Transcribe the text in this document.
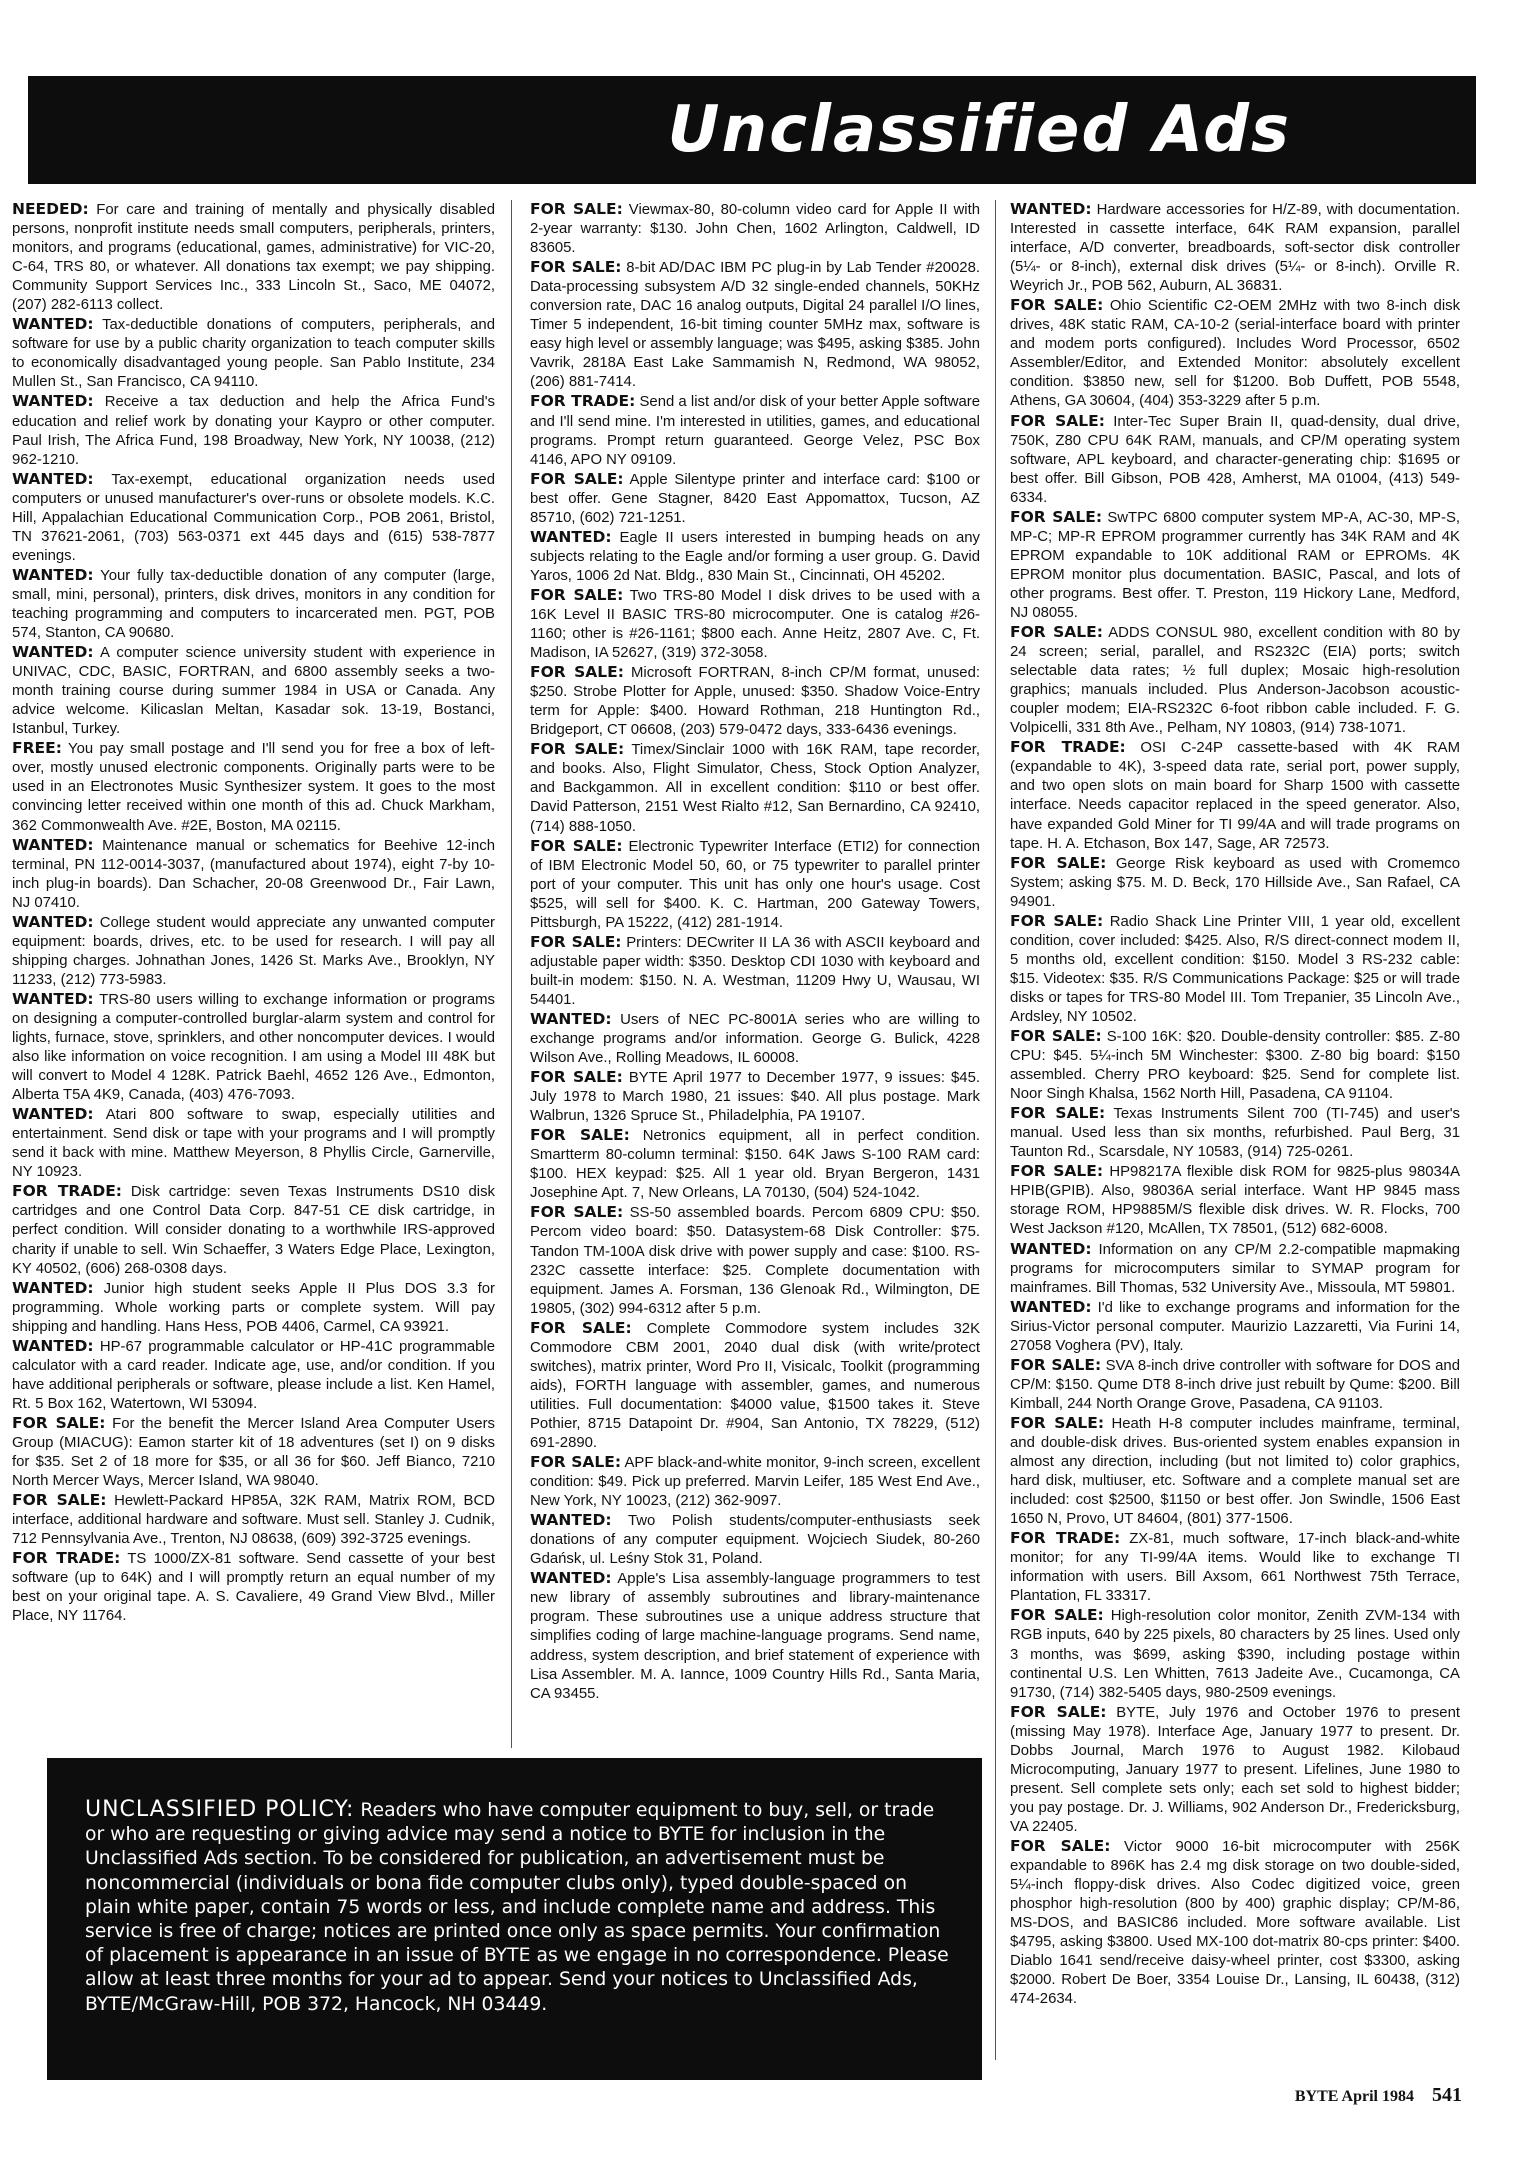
Unclassified Ads

NEEDED: For care and training of mentally and physically disabled persons, nonprofit institute needs small computers, peripherals, printers, monitors, and programs (educational, games, administrative) for VIC-20, C-64, TRS 80, or whatever. All donations tax exempt; we pay shipping. Community Support Services Inc., 333 Lincoln St., Saco, ME 04072, (207) 282-6113 collect.

WANTED: Tax-deductible donations of computers, peripherals, and software for use by a public charity organization to teach computer skills to economically disadvantaged young people. San Pablo Institute, 234 Mullen St., San Francisco, CA 94110.

WANTED: Receive a tax deduction and help the Africa Fund's education and relief work by donating your Kaypro or other computer. Paul Irish, The Africa Fund, 198 Broadway, New York, NY 10038, (212) 962-1210.

WANTED: Tax-exempt, educational organization needs used computers or unused manufacturer's over-runs or obsolete models. K.C. Hill, Appalachian Educational Communication Corp., POB 2061, Bristol, TN 37621-2061, (703) 563-0371 ext 445 days and (615) 538-7877 evenings.

WANTED: Your fully tax-deductible donation of any computer (large, small, mini, personal), printers, disk drives, monitors in any condition for teaching programming and computers to incarcerated men. PGT, POB 574, Stanton, CA 90680.

WANTED: A computer science university student with experience in UNIVAC, CDC, BASIC, FORTRAN, and 6800 assembly seeks a two-month training course during summer 1984 in USA or Canada. Any advice welcome. Kilicaslan Meltan, Kasadar sok. 13-19, Bostanci, Istanbul, Turkey.

FREE: You pay small postage and I'll send you for free a box of left-over, mostly unused electronic components. Originally parts were to be used in an Electronotes Music Synthesizer system. It goes to the most convincing letter received within one month of this ad. Chuck Markham, 362 Commonwealth Ave. #2E, Boston, MA 02115.

WANTED: Maintenance manual or schematics for Beehive 12-inch terminal, PN 112-0014-3037, (manufactured about 1974), eight 7-by 10-inch plug-in boards). Dan Schacher, 20-08 Greenwood Dr., Fair Lawn, NJ 07410.

WANTED: College student would appreciate any unwanted computer equipment: boards, drives, etc. to be used for research. I will pay all shipping charges. Johnathan Jones, 1426 St. Marks Ave., Brooklyn, NY 11233, (212) 773-5983.

WANTED: TRS-80 users willing to exchange information or programs on designing a computer-controlled burglar-alarm system and control for lights, furnace, stove, sprinklers, and other noncomputer devices. I would also like information on voice recognition. I am using a Model III 48K but will convert to Model 4 128K. Patrick Baehl, 4652 126 Ave., Edmonton, Alberta T5A 4K9, Canada, (403) 476-7093.

WANTED: Atari 800 software to swap, especially utilities and entertainment. Send disk or tape with your programs and I will promptly send it back with mine. Matthew Meyerson, 8 Phyllis Circle, Garnerville, NY 10923.

FOR TRADE: Disk cartridge: seven Texas Instruments DS10 disk cartridges and one Control Data Corp. 847-51 CE disk cartridge, in perfect condition. Will consider donating to a worthwhile IRS-approved charity if unable to sell. Win Schaeffer, 3 Waters Edge Place, Lexington, KY 40502, (606) 268-0308 days.

WANTED: Junior high student seeks Apple II Plus DOS 3.3 for programming. Whole working parts or complete system. Will pay shipping and handling. Hans Hess, POB 4406, Carmel, CA 93921.

WANTED: HP-67 programmable calculator or HP-41C programmable calculator with a card reader. Indicate age, use, and/or condition. If you have additional peripherals or software, please include a list. Ken Hamel, Rt. 5 Box 162, Watertown, WI 53094.

FOR SALE: For the benefit the Mercer Island Area Computer Users Group (MIACUG): Eamon starter kit of 18 adventures (set I) on 9 disks for $35. Set 2 of 18 more for $35, or all 36 for $60. Jeff Bianco, 7210 North Mercer Ways, Mercer Island, WA 98040.

FOR SALE: Hewlett-Packard HP85A, 32K RAM, Matrix ROM, BCD interface, additional hardware and software. Must sell. Stanley J. Cudnik, 712 Pennsylvania Ave., Trenton, NJ 08638, (609) 392-3725 evenings.

FOR TRADE: TS 1000/ZX-81 software. Send cassette of your best software (up to 64K) and I will promptly return an equal number of my best on your original tape. A. S. Cavaliere, 49 Grand View Blvd., Miller Place, NY 11764.

FOR SALE: Viewmax-80, 80-column video card for Apple II with 2-year warranty: $130. John Chen, 1602 Arlington, Caldwell, ID 83605.

FOR SALE: 8-bit AD/DAC IBM PC plug-in by Lab Tender #20028. Data-processing subsystem A/D 32 single-ended channels, 50KHz conversion rate, DAC 16 analog outputs, Digital 24 parallel I/O lines, Timer 5 independent, 16-bit timing counter 5MHz max, software is easy high level or assembly language; was $495, asking $385. John Vavrik, 2818A East Lake Sammamish N, Redmond, WA 98052, (206) 881-7414.

FOR TRADE: Send a list and/or disk of your better Apple software and I'll send mine. I'm interested in utilities, games, and educational programs. Prompt return guaranteed. George Velez, PSC Box 4146, APO NY 09109.

FOR SALE: Apple Silentype printer and interface card: $100 or best offer. Gene Stagner, 8420 East Appomattox, Tucson, AZ 85710, (602) 721-1251.

WANTED: Eagle II users interested in bumping heads on any subjects relating to the Eagle and/or forming a user group. G. David Yaros, 1006 2d Nat. Bldg., 830 Main St., Cincinnati, OH 45202.

FOR SALE: Two TRS-80 Model I disk drives to be used with a 16K Level II BASIC TRS-80 microcomputer. One is catalog #26-1160; other is #26-1161; $800 each. Anne Heitz, 2807 Ave. C, Ft. Madison, IA 52627, (319) 372-3058.

FOR SALE: Microsoft FORTRAN, 8-inch CP/M format, unused: $250. Strobe Plotter for Apple, unused: $350. Shadow Voice-Entry term for Apple: $400. Howard Rothman, 218 Huntington Rd., Bridgeport, CT 06608, (203) 579-0472 days, 333-6436 evenings.

FOR SALE: Timex/Sinclair 1000 with 16K RAM, tape recorder, and books. Also, Flight Simulator, Chess, Stock Option Analyzer, and Backgammon. All in excellent condition: $110 or best offer. David Patterson, 2151 West Rialto #12, San Bernardino, CA 92410, (714) 888-1050.

FOR SALE: Electronic Typewriter Interface (ETI2) for connection of IBM Electronic Model 50, 60, or 75 typewriter to parallel printer port of your computer. This unit has only one hour's usage. Cost $525, will sell for $400. K. C. Hartman, 200 Gateway Towers, Pittsburgh, PA 15222, (412) 281-1914.

FOR SALE: Printers: DECwriter II LA 36 with ASCII keyboard and adjustable paper width: $350. Desktop CDI 1030 with keyboard and built-in modem: $150. N. A. Westman, 11209 Hwy U, Wausau, WI 54401.

WANTED: Users of NEC PC-8001A series who are willing to exchange programs and/or information. George G. Bulick, 4228 Wilson Ave., Rolling Meadows, IL 60008.

FOR SALE: BYTE April 1977 to December 1977, 9 issues: $45. July 1978 to March 1980, 21 issues: $40. All plus postage. Mark Walbrun, 1326 Spruce St., Philadelphia, PA 19107.

FOR SALE: Netronics equipment, all in perfect condition. Smartterm 80-column terminal: $150. 64K Jaws S-100 RAM card: $100. HEX keypad: $25. All 1 year old. Bryan Bergeron, 1431 Josephine Apt. 7, New Orleans, LA 70130, (504) 524-1042.

FOR SALE: SS-50 assembled boards. Percom 6809 CPU: $50. Percom video board: $50. Datasystem-68 Disk Controller: $75. Tandon TM-100A disk drive with power supply and case: $100. RS-232C cassette interface: $25. Complete documentation with equipment. James A. Forsman, 136 Glenoak Rd., Wilmington, DE 19805, (302) 994-6312 after 5 p.m.

FOR SALE: Complete Commodore system includes 32K Commodore CBM 2001, 2040 dual disk (with write/protect switches), matrix printer, Word Pro II, Visicalc, Toolkit (programming aids), FORTH language with assembler, games, and numerous utilities. Full documentation: $4000 value, $1500 takes it. Steve Pothier, 8715 Datapoint Dr. #904, San Antonio, TX 78229, (512) 691-2890.

FOR SALE: APF black-and-white monitor, 9-inch screen, excellent condition: $49. Pick up preferred. Marvin Leifer, 185 West End Ave., New York, NY 10023, (212) 362-9097.

WANTED: Two Polish students/computer-enthusiasts seek donations of any computer equipment. Wojciech Siudek, 80-260 Gdańsk, ul. Leśny Stok 31, Poland.

WANTED: Apple's Lisa assembly-language programmers to test new library of assembly subroutines and library-maintenance program. These subroutines use a unique address structure that simplifies coding of large machine-language programs. Send name, address, system description, and brief statement of experience with Lisa Assembler. M. A. Iannce, 1009 Country Hills Rd., Santa Maria, CA 93455.

WANTED: Hardware accessories for H/Z-89, with documentation. Interested in cassette interface, 64K RAM expansion, parallel interface, A/D converter, breadboards, soft-sector disk controller (5¼- or 8-inch), external disk drives (5¼- or 8-inch). Orville R. Weyrich Jr., POB 562, Auburn, AL 36831.

FOR SALE: Ohio Scientific C2-OEM 2MHz with two 8-inch disk drives, 48K static RAM, CA-10-2 (serial-interface board with printer and modem ports configured). Includes Word Processor, 6502 Assembler/Editor, and Extended Monitor: absolutely excellent condition. $3850 new, sell for $1200. Bob Duffett, POB 5548, Athens, GA 30604, (404) 353-3229 after 5 p.m.

FOR SALE: Inter-Tec Super Brain II, quad-density, dual drive, 750K, Z80 CPU 64K RAM, manuals, and CP/M operating system software, APL keyboard, and character-generating chip: $1695 or best offer. Bill Gibson, POB 428, Amherst, MA 01004, (413) 549-6334.

FOR SALE: SwTPC 6800 computer system MP-A, AC-30, MP-S, MP-C; MP-R EPROM programmer currently has 34K RAM and 4K EPROM expandable to 10K additional RAM or EPROMs. 4K EPROM monitor plus documentation. BASIC, Pascal, and lots of other programs. Best offer. T. Preston, 119 Hickory Lane, Medford, NJ 08055.

FOR SALE: ADDS CONSUL 980, excellent condition with 80 by 24 screen; serial, parallel, and RS232C (EIA) ports; switch selectable data rates; ½ full duplex; Mosaic high-resolution graphics; manuals included. Plus Anderson-Jacobson acoustic-coupler modem; EIA-RS232C 6-foot ribbon cable included. F. G. Volpicelli, 331 8th Ave., Pelham, NY 10803, (914) 738-1071.

FOR TRADE: OSI C-24P cassette-based with 4K RAM (expandable to 4K), 3-speed data rate, serial port, power supply, and two open slots on main board for Sharp 1500 with cassette interface. Needs capacitor replaced in the speed generator. Also, have expanded Gold Miner for TI 99/4A and will trade programs on tape. H. A. Etchason, Box 147, Sage, AR 72573.

FOR SALE: George Risk keyboard as used with Cromemco System; asking $75. M. D. Beck, 170 Hillside Ave., San Rafael, CA 94901.

FOR SALE: Radio Shack Line Printer VIII, 1 year old, excellent condition, cover included: $425. Also, R/S direct-connect modem II, 5 months old, excellent condition: $150. Model 3 RS-232 cable: $15. Videotex: $35. R/S Communications Package: $25 or will trade disks or tapes for TRS-80 Model III. Tom Trepanier, 35 Lincoln Ave., Ardsley, NY 10502.

FOR SALE: S-100 16K: $20. Double-density controller: $85. Z-80 CPU: $45. 5¼-inch 5M Winchester: $300. Z-80 big board: $150 assembled. Cherry PRO keyboard: $25. Send for complete list. Noor Singh Khalsa, 1562 North Hill, Pasadena, CA 91104.

FOR SALE: Texas Instruments Silent 700 (TI-745) and user's manual. Used less than six months, refurbished. Paul Berg, 31 Taunton Rd., Scarsdale, NY 10583, (914) 725-0261.

FOR SALE: HP98217A flexible disk ROM for 9825-plus 98034A HPIB(GPIB). Also, 98036A serial interface. Want HP 9845 mass storage ROM, HP9885M/S flexible disk drives. W. R. Flocks, 700 West Jackson #120, McAllen, TX 78501, (512) 682-6008.

WANTED: Information on any CP/M 2.2-compatible mapmaking programs for microcomputers similar to SYMAP program for mainframes. Bill Thomas, 532 University Ave., Missoula, MT 59801.

WANTED: I'd like to exchange programs and information for the Sirius-Victor personal computer. Maurizio Lazzaretti, Via Furini 14, 27058 Voghera (PV), Italy.

FOR SALE: SVA 8-inch drive controller with software for DOS and CP/M: $150. Qume DT8 8-inch drive just rebuilt by Qume: $200. Bill Kimball, 244 North Orange Grove, Pasadena, CA 91103.

FOR SALE: Heath H-8 computer includes mainframe, terminal, and double-disk drives. Bus-oriented system enables expansion in almost any direction, including (but not limited to) color graphics, hard disk, multiuser, etc. Software and a complete manual set are included: cost $2500, $1150 or best offer. Jon Swindle, 1506 East 1650 N, Provo, UT 84604, (801) 377-1506.

FOR TRADE: ZX-81, much software, 17-inch black-and-white monitor; for any TI-99/4A items. Would like to exchange TI information with users. Bill Axsom, 661 Northwest 75th Terrace, Plantation, FL 33317.

FOR SALE: High-resolution color monitor, Zenith ZVM-134 with RGB inputs, 640 by 225 pixels, 80 characters by 25 lines. Used only 3 months, was $699, asking $390, including postage within continental U.S. Len Whitten, 7613 Jadeite Ave., Cucamonga, CA 91730, (714) 382-5405 days, 980-2509 evenings.

FOR SALE: BYTE, July 1976 and October 1976 to present (missing May 1978). Interface Age, January 1977 to present. Dr. Dobbs Journal, March 1976 to August 1982. Kilobaud Microcomputing, January 1977 to present. Lifelines, June 1980 to present. Sell complete sets only; each set sold to highest bidder; you pay postage. Dr. J. Williams, 902 Anderson Dr., Fredericksburg, VA 22405.

FOR SALE: Victor 9000 16-bit microcomputer with 256K expandable to 896K has 2.4 mg disk storage on two double-sided, 5¼-inch floppy-disk drives. Also Codec digitized voice, green phosphor high-resolution (800 by 400) graphic display; CP/M-86, MS-DOS, and BASIC86 included. More software available. List $4795, asking $3800. Used MX-100 dot-matrix 80-cps printer: $400. Diablo 1641 send/receive daisy-wheel printer, cost $3300, asking $2000. Robert De Boer, 3354 Louise Dr., Lansing, IL 60438, (312) 474-2634.

UNCLASSIFIED POLICY: Readers who have computer equipment to buy, sell, or trade or who are requesting or giving advice may send a notice to BYTE for inclusion in the Unclassified Ads section. To be considered for publication, an advertisement must be noncommercial (individuals or bona fide computer clubs only), typed double-spaced on plain white paper, contain 75 words or less, and include complete name and address. This service is free of charge; notices are printed once only as space permits. Your confirmation of placement is appearance in an issue of BYTE as we engage in no correspondence. Please allow at least three months for your ad to appear. Send your notices to Unclassified Ads, BYTE/McGraw-Hill, POB 372, Hancock, NH 03449.

BYTE April 1984 541
